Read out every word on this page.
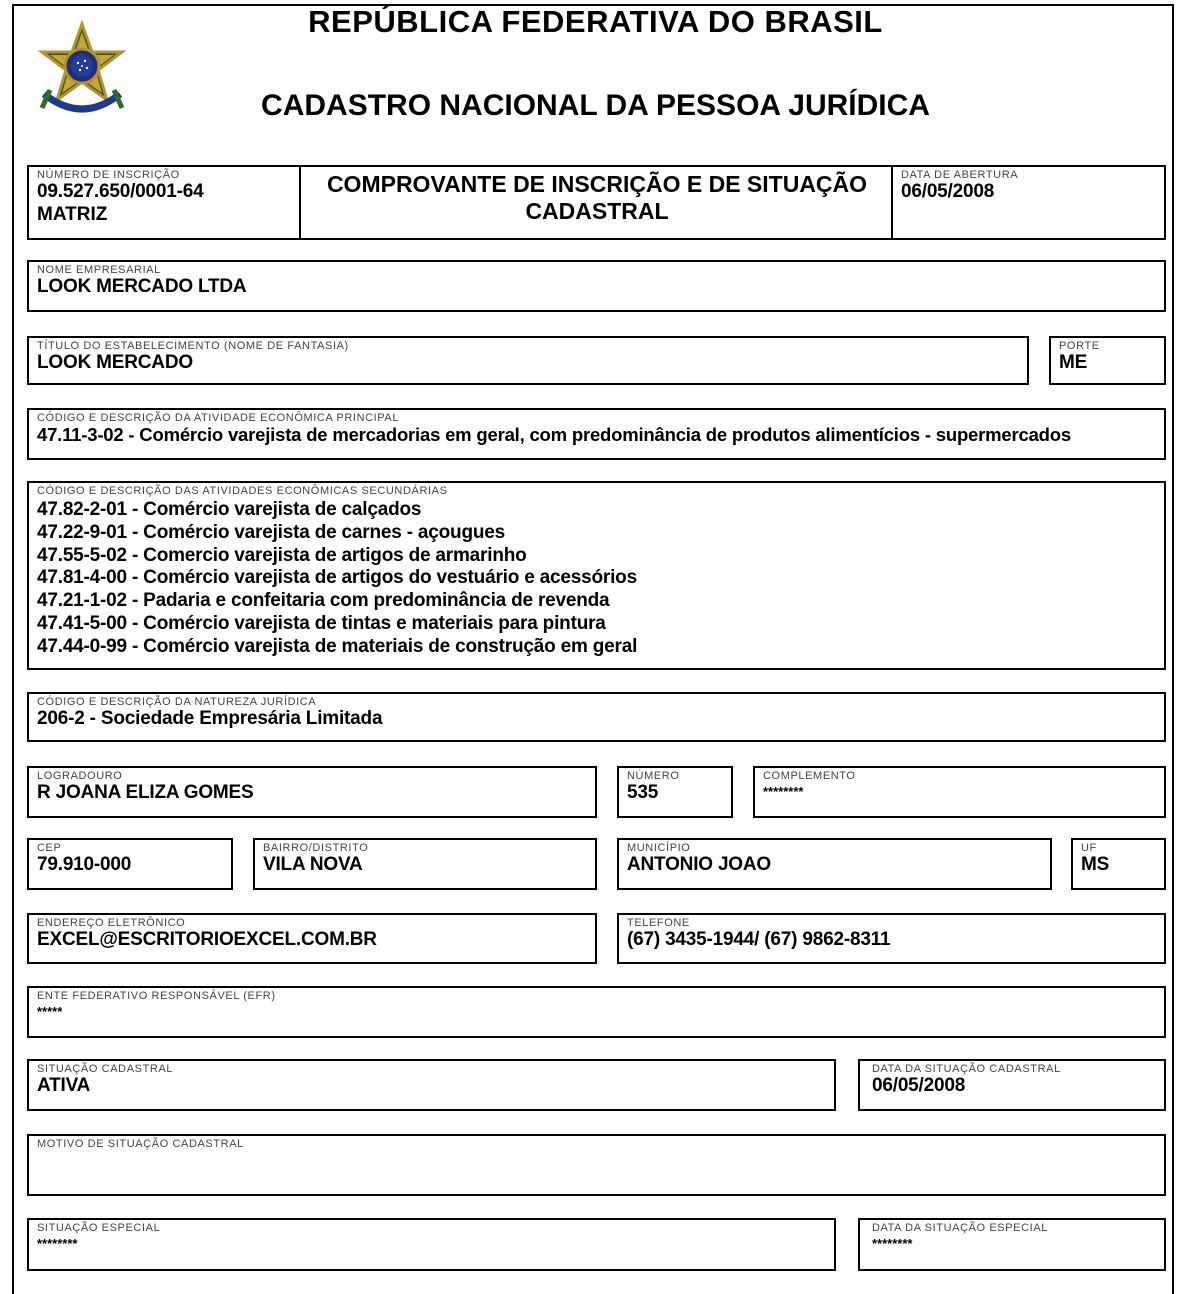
REPÚBLICA FEDERATIVA DO BRASIL
CADASTRO NACIONAL DA PESSOA JURÍDICA
NÚMERO DE INSCRIÇÃO
09.527.650/0001-64
MATRIZ
COMPROVANTE DE INSCRIÇÃO E DE SITUAÇÃO CADASTRAL
DATA DE ABERTURA
06/05/2008
NOME EMPRESARIAL
LOOK MERCADO LTDA
TÍTULO DO ESTABELECIMENTO (NOME DE FANTASIA)
LOOK MERCADO
PORTE
ME
CÓDIGO E DESCRIÇÃO DA ATIVIDADE ECONÔMICA PRINCIPAL
47.11-3-02 - Comércio varejista de mercadorias em geral, com predominância de produtos alimentícios - supermercados
CÓDIGO E DESCRIÇÃO DAS ATIVIDADES ECONÔMICAS SECUNDÁRIAS
47.82-2-01 - Comércio varejista de calçados
47.22-9-01 - Comércio varejista de carnes - açougues
47.55-5-02 - Comercio varejista de artigos de armarinho
47.81-4-00 - Comércio varejista de artigos do vestuário e acessórios
47.21-1-02 - Padaria e confeitaria com predominância de revenda
47.41-5-00 - Comércio varejista de tintas e materiais para pintura
47.44-0-99 - Comércio varejista de materiais de construção em geral
CÓDIGO E DESCRIÇÃO DA NATUREZA JURÍDICA
206-2 - Sociedade Empresária Limitada
LOGRADOURO
R JOANA ELIZA GOMES
NÚMERO
535
COMPLEMENTO
********
CEP
79.910-000
BAIRRO/DISTRITO
VILA NOVA
MUNICÍPIO
ANTONIO JOAO
UF
MS
ENDEREÇO ELETRÔNICO
EXCEL@ESCRITORIOEXCEL.COM.BR
TELEFONE
(67) 3435-1944/ (67) 9862-8311
ENTE FEDERATIVO RESPONSÁVEL (EFR)
*****
SITUAÇÃO CADASTRAL
ATIVA
DATA DA SITUAÇÃO CADASTRAL
06/05/2008
MOTIVO DE SITUAÇÃO CADASTRAL
SITUAÇÃO ESPECIAL
********
DATA DA SITUAÇÃO ESPECIAL
********
